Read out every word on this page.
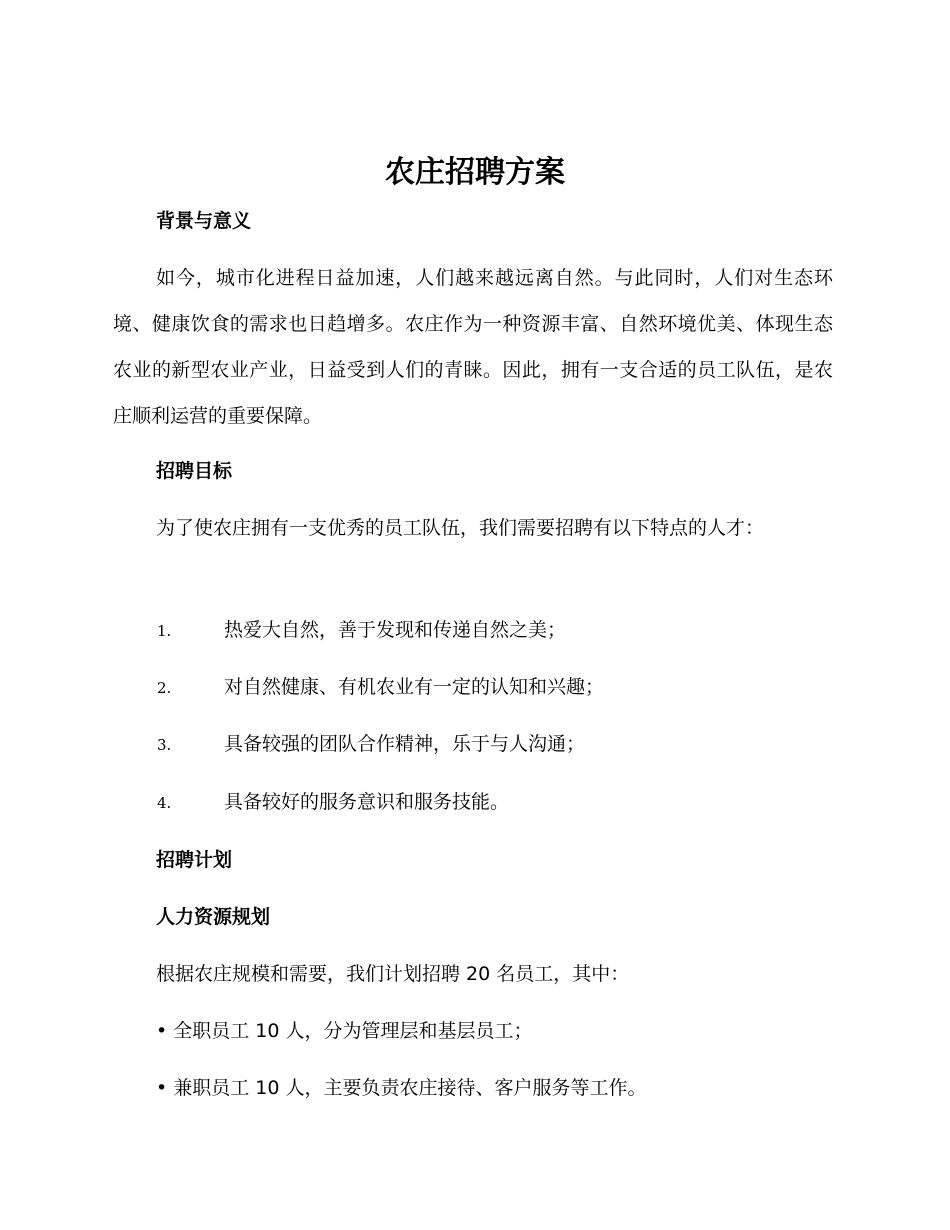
农庄招聘方案
背景与意义
如今，城市化进程日益加速，人们越来越远离自然。与此同时，人们对生态环境、健康饮食的需求也日趋增多。农庄作为一种资源丰富、自然环境优美、体现生态农业的新型农业产业，日益受到人们的青睐。因此，拥有一支合适的员工队伍，是农庄顺利运营的重要保障。
招聘目标
为了使农庄拥有一支优秀的员工队伍，我们需要招聘有以下特点的人才：
1.	热爱大自然，善于发现和传递自然之美；
2.	对自然健康、有机农业有一定的认知和兴趣；
3.	具备较强的团队合作精神，乐于与人沟通；
4.	具备较好的服务意识和服务技能。
招聘计划
人力资源规划
根据农庄规模和需要，我们计划招聘 20 名员工，其中：
• 全职员工 10 人，分为管理层和基层员工；
• 兼职员工 10 人，主要负责农庄接待、客户服务等工作。
